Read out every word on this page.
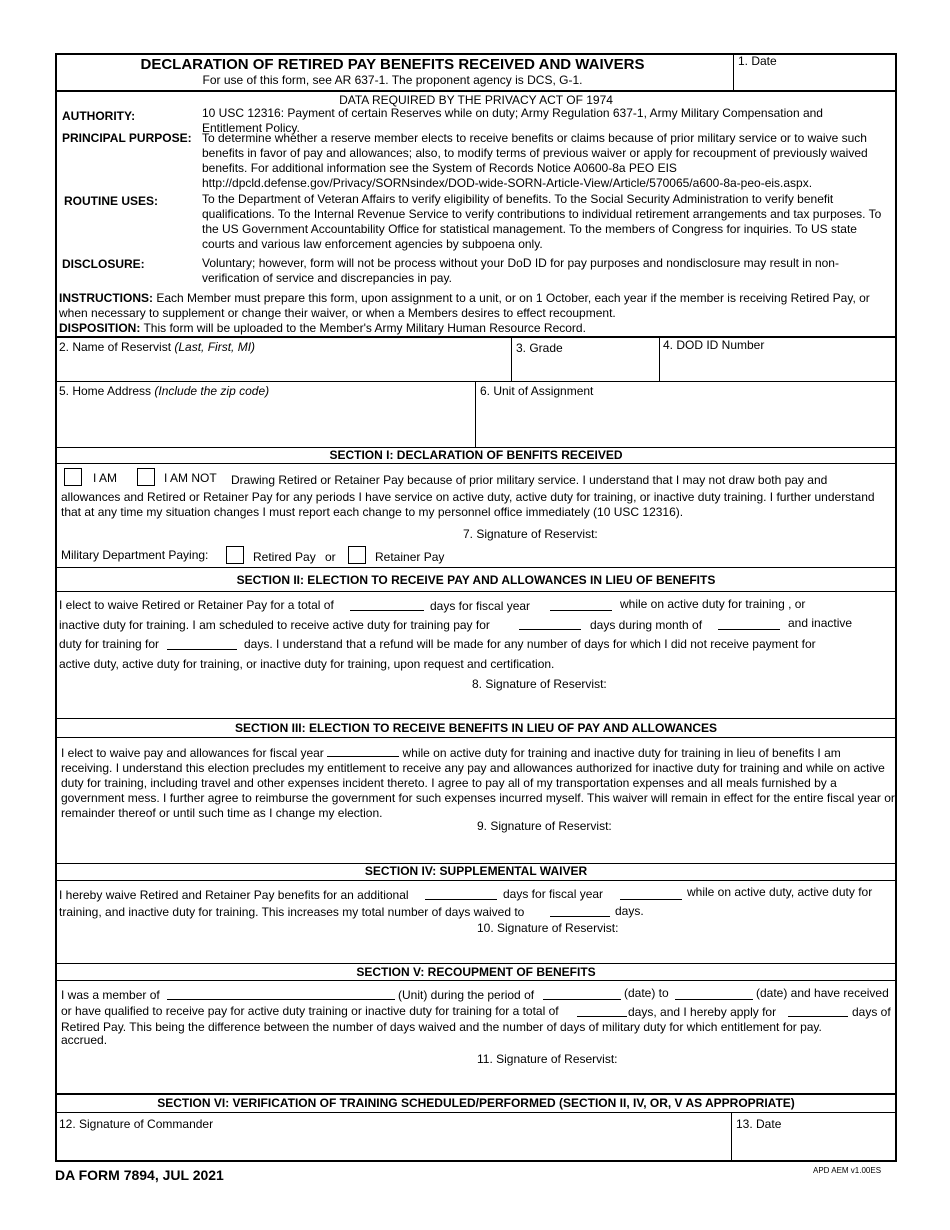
DECLARATION OF RETIRED PAY BENEFITS RECEIVED AND WAIVERS
For use of this form, see AR 637-1. The proponent agency is DCS, G-1.
1. Date
DATA REQUIRED BY THE PRIVACY ACT OF 1974
AUTHORITY:	10 USC 12316: Payment of certain Reserves while on duty; Army Regulation 637-1, Army Military Compensation and Entitlement Policy.
PRINCIPAL PURPOSE: To determine whether a reserve member elects to receive benefits or claims because of prior military service or to waive such benefits in favor of pay and allowances; also, to modify terms of previous waiver or apply for recoupment of previously waived benefits. For additional information see the System of Records Notice A0600-8a PEO EIS http://dpcld.defense.gov/Privacy/SORNsindex/DOD-wide-SORN-Article-View/Article/570065/a600-8a-peo-eis.aspx.
ROUTINE USES:	To the Department of Veteran Affairs to verify eligibility of benefits. To the Social Security Administration to verify benefit qualifications. To the Internal Revenue Service to verify contributions to individual retirement arrangements and tax purposes. To the US Government Accountability Office for statistical management. To the members of Congress for inquiries. To US state courts and various law enforcement agencies by subpoena only.
DISCLOSURE:	Voluntary; however, form will not be process without your DoD ID for pay purposes and nondisclosure may result in non-verification of service and discrepancies in pay.
INSTRUCTIONS: Each Member must prepare this form, upon assignment to a unit, or on 1 October, each year if the member is receiving Retired Pay, or when necessary to supplement or change their waiver, or when a Members desires to effect recoupment.
DISPOSITION: This form will be uploaded to the Member's Army Military Human Resource Record.
2. Name of Reservist (Last, First, MI)	3. Grade	4. DOD ID Number
5. Home Address (Include the zip code)	6. Unit of Assignment
SECTION I: DECLARATION OF BENFITS RECEIVED
I AM	I AM NOT Drawing Retired or Retainer Pay because of prior military service. I understand that I may not draw both pay and
allowances and Retired or Retainer Pay for any periods I have service on active duty, active duty for training, or inactive duty training. I further understand that at any time my situation changes I must report each change to my personnel office immediately (10 USC 12316).
7. Signature of Reservist:
Military Department Paying:	Retired Pay or	Retainer Pay
SECTION II: ELECTION TO RECEIVE PAY AND ALLOWANCES IN LIEU OF BENEFITS
I elect to waive Retired or Retainer Pay for a total of	days for fiscal year	while on active duty for training , or
inactive duty for training. I am scheduled to receive active duty for training pay for	days during month of	and inactive
duty for training for	days. I understand that a refund will be made for any number of days for which I did not receive payment for
active duty, active duty for training, or inactive duty for training, upon request and certification.
8. Signature of Reservist:
SECTION III: ELECTION TO RECEIVE BENEFITS IN LIEU OF PAY AND ALLOWANCES
I elect to waive pay and allowances for fiscal year	while on active duty for training and inactive duty for training in lieu of benefits I am receiving. I understand this election precludes my entitlement to receive any pay and allowances authorized for inactive duty for training and while on active duty for training, including travel and other expenses incident thereto. I agree to pay all of my transportation expenses and all meals furnished by a government mess. I further agree to reimburse the government for such expenses incurred myself. This waiver will remain in effect for the entire fiscal year or remainder thereof or until such time as I change my election.
9. Signature of Reservist:
SECTION IV: SUPPLEMENTAL WAIVER
I hereby waive Retired and Retainer Pay benefits for an additional	days for fiscal year	while on active duty, active duty for
training, and inactive duty for training. This increases my total number of days waived to	days.
10. Signature of Reservist:
SECTION V: RECOUPMENT OF BENEFITS
I was a member of	(Unit) during the period of	(date) to	(date) and have received
or have qualified to receive pay for active duty training or inactive duty for training for a total of	days, and I hereby apply for	days of
Retired Pay. This being the difference between the number of days waived and the number of days of military duty for which entitlement for pay.
accrued.
11. Signature of Reservist:
SECTION VI: VERIFICATION OF TRAINING SCHEDULED/PERFORMED (SECTION II, IV, OR, V AS APPROPRIATE)
12. Signature of Commander	13. Date
DA FORM 7894, JUL 2021	APD AEM v1.00ES
